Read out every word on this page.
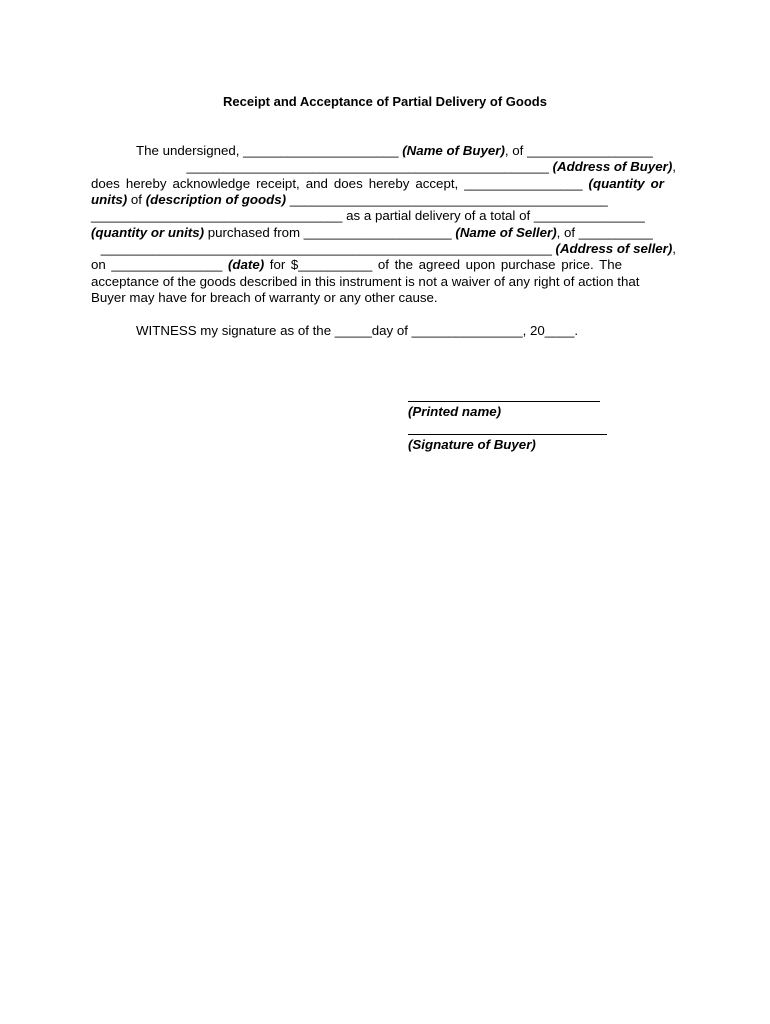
Receipt and Acceptance of Partial Delivery of Goods
The undersigned, _____________________ (Name of Buyer), of _________________
_________________________________________________ (Address of Buyer),
does hereby acknowledge receipt, and does hereby accept, ________________ (quantity or
units) of (description of goods) ___________________________________________
__________________________________ as a partial delivery of a total of _______________
(quantity or units) purchased from ____________________ (Name of Seller), of __________
_____________________________________________________________ (Address of seller),
on _______________ (date) for $__________ of the agreed upon purchase price. The
acceptance of the goods described in this instrument is not a waiver of any right of action that
Buyer may have for breach of warranty or any other cause.
WITNESS my signature as of the _____day of _______________, 20____.
(Printed name)
(Signature of Buyer)
